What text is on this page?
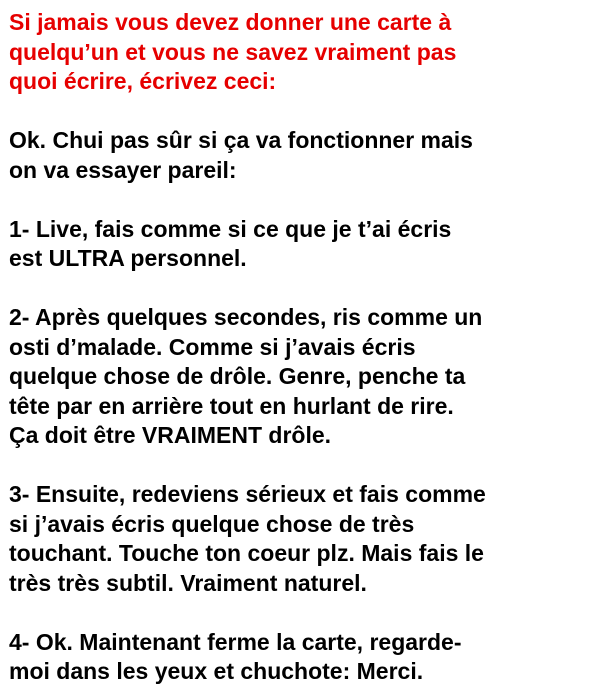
Si jamais vous devez donner une carte à
quelqu’un et vous ne savez vraiment pas
quoi écrire, écrivez ceci:

Ok. Chui pas sûr si ça va fonctionner mais
on va essayer pareil:

1- Live, fais comme si ce que je t’ai écris
est ULTRA personnel.

2- Après quelques secondes, ris comme un
osti d’malade. Comme si j’avais écris
quelque chose de drôle. Genre, penche ta
tête par en arrière tout en hurlant de rire.
Ça doit être VRAIMENT drôle.

3- Ensuite, redeviens sérieux et fais comme
si j’avais écris quelque chose de très
touchant. Touche ton coeur plz. Mais fais le
très très subtil. Vraiment naturel.

4- Ok. Maintenant ferme la carte, regarde-
moi dans les yeux et chuchote: Merci.
